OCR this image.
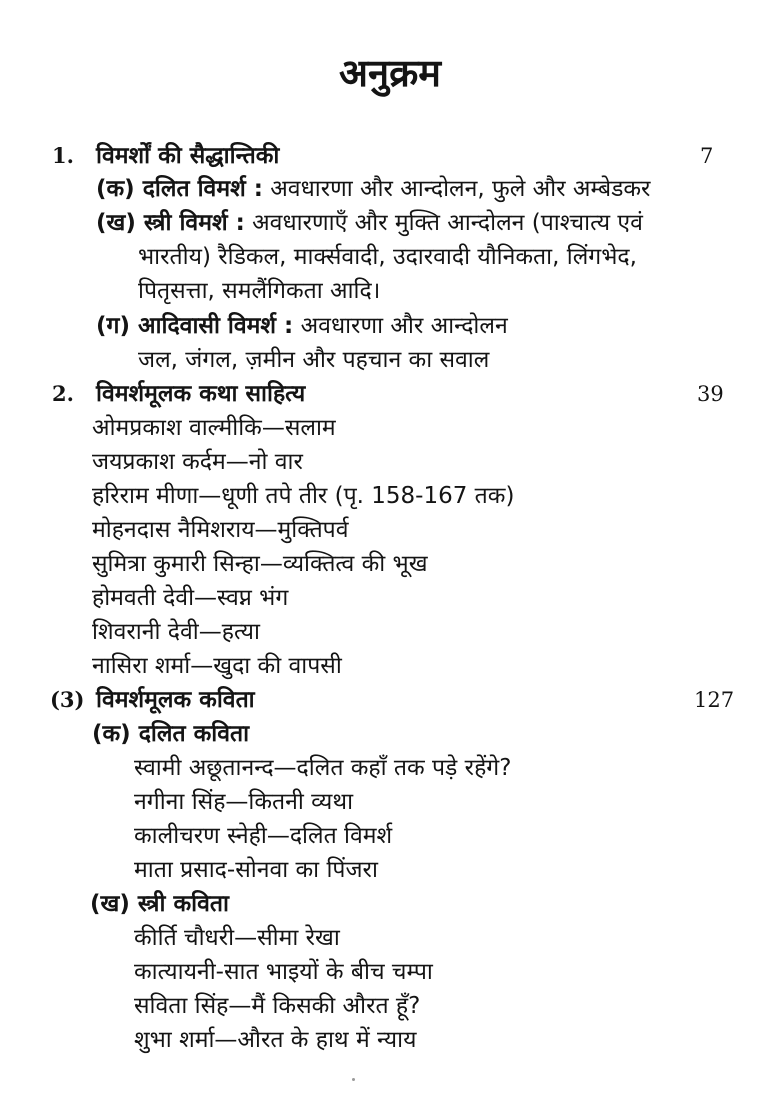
अनुक्रम
1. विमर्शों की सैद्धान्तिकी	7
(क) दलित विमर्श : अवधारणा और आन्दोलन, फुले और अम्बेडकर
(ख) स्त्री विमर्श : अवधारणाएँ और मुक्ति आन्दोलन (पाश्चात्य एवं
भारतीय) रैडिकल, मार्क्सवादी, उदारवादी यौनिकता, लिंगभेद,
पितृसत्ता, समलैंगिकता आदि।
(ग) आदिवासी विमर्श : अवधारणा और आन्दोलन
जल, जंगल, ज़मीन और पहचान का सवाल
2. विमर्शमूलक कथा साहित्य	39
ओमप्रकाश वाल्मीकि—सलाम
जयप्रकाश कर्दम—नो वार
हरिराम मीणा—धूणी तपे तीर (पृ. 158-167 तक)
मोहनदास नैमिशराय—मुक्तिपर्व
सुमित्रा कुमारी सिन्हा—व्यक्तित्व की भूख
होमवती देवी—स्वप्न भंग
शिवरानी देवी—हत्या
नासिरा शर्मा—खुदा की वापसी
(3) विमर्शमूलक कविता	127
(क) दलित कविता
स्वामी अछूतानन्द—दलित कहाँ तक पड़े रहेंगे?
नगीना सिंह—कितनी व्यथा
कालीचरण स्नेही—दलित विमर्श
माता प्रसाद-सोनवा का पिंजरा
(ख) स्त्री कविता
कीर्ति चौधरी—सीमा रेखा
कात्यायनी-सात भाइयों के बीच चम्पा
सविता सिंह—मैं किसकी औरत हूँ?
शुभा शर्मा—औरत के हाथ में न्याय
